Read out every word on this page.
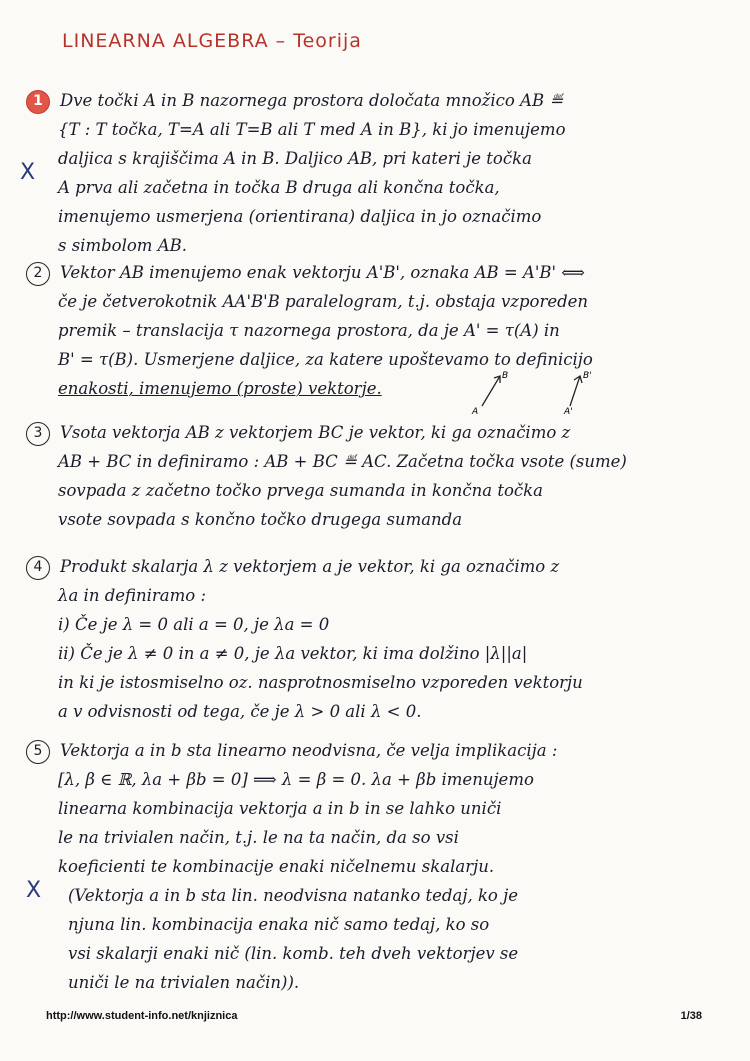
LINEARNA ALGEBRA – Teorija
X
X
1 Dve točki A in B nazornega prostora določata množico AB ≝
{T : T točka, T=A ali T=B ali T med A in B}, ki jo imenujemo
daljica s krajiščima A in B. Daljico AB, pri kateri je točka
A prva ali začetna in točka B druga ali končna točka,
imenujemo usmerjena (orientirana) daljica in jo označimo
s simbolom AB.
2 Vektor AB imenujemo enak vektorju A'B', oznaka AB = A'B' ⟺
če je četverokotnik AA'B'B paralelogram, t.j. obstaja vzporeden
premik – translacija τ nazornega prostora, da je A' = τ(A) in
B' = τ(B). Usmerjene daljice, za katere upoštevamo to definicijo
enakosti, imenujemo (proste) vektorje.
A
B
A'
B'
3 Vsota vektorja AB z vektorjem BC je vektor, ki ga označimo z
AB + BC in definiramo : AB + BC ≝ AC. Začetna točka vsote (sume)
sovpada z začetno točko prvega sumanda in končna točka
vsote sovpada s končno točko drugega sumanda
4 Produkt skalarja λ z vektorjem a je vektor, ki ga označimo z
λa in definiramo :
i) Če je λ = 0 ali a = 0, je λa = 0
ii) Če je λ ≠ 0 in a ≠ 0, je λa vektor, ki ima dolžino |λ||a|
in ki je istosmiselno oz. nasprotnosmiselno vzporeden vektorju
a v odvisnosti od tega, če je λ > 0 ali λ < 0.
5 Vektorja a in b sta linearno neodvisna, če velja implikacija :
[λ, β ∈ ℝ, λa + βb = 0] ⟹ λ = β = 0. λa + βb imenujemo
linearna kombinacija vektorja a in b in se lahko uniči
le na trivialen način, t.j. le na ta način, da so vsi
koeficienti te kombinacije enaki ničelnemu skalarju.
(Vektorja a in b sta lin. neodvisna natanko tedaj, ko je
njuna lin. kombinacija enaka nič samo tedaj, ko so
vsi skalarji enaki nič (lin. komb. teh dveh vektorjev se
uniči le na trivialen način)).
http://www.student-info.net/knjiznica	1/38
